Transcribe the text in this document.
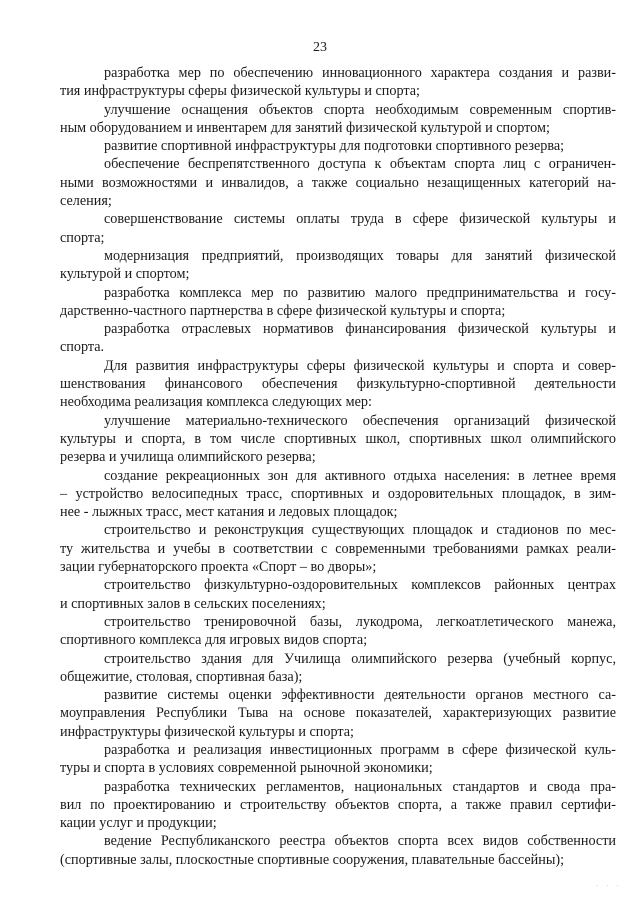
23
разработка мер по обеспечению инновационного характера создания и разви-
тия инфраструктуры сферы физической культуры и спорта;
улучшение оснащения объектов спорта необходимым современным спортив-
ным оборудованием и инвентарем для занятий физической культурой и спортом;
развитие спортивной инфраструктуры для подготовки спортивного резерва;
обеспечение беспрепятственного доступа к объектам спорта лиц с ограничен-
ными возможностями и инвалидов, а также социально незащищенных категорий на-
селения;
совершенствование системы оплаты труда в сфере физической культуры и
спорта;
модернизация предприятий, производящих товары для занятий физической
культурой и спортом;
разработка комплекса мер по развитию малого предпринимательства и госу-
дарственно-частного партнерства в сфере физической культуры и спорта;
разработка отраслевых нормативов финансирования физической культуры и
спорта.
Для развития инфраструктуры сферы физической культуры и спорта и совер-
шенствования финансового обеспечения физкультурно-спортивной деятельности
необходима реализация комплекса следующих мер:
улучшение материально-технического обеспечения организаций физической
культуры и спорта, в том числе спортивных школ, спортивных школ олимпийского
резерва и училища олимпийского резерва;
создание рекреационных зон для активного отдыха населения: в летнее время
– устройство велосипедных трасс, спортивных и оздоровительных площадок, в зим-
нее - лыжных трасс, мест катания и ледовых площадок;
строительство и реконструкция существующих площадок и стадионов по мес-
ту жительства и учебы в соответствии с современными требованиями рамках реали-
зации губернаторского проекта «Спорт – во дворы»;
строительство физкультурно-оздоровительных комплексов районных центрах
и спортивных залов в сельских поселениях;
строительство тренировочной базы, лукодрома, легкоатлетического манежа,
спортивного комплекса для игровых видов спорта;
строительство здания для Училища олимпийского резерва (учебный корпус,
общежитие, столовая, спортивная база);
развитие системы оценки эффективности деятельности органов местного са-
моуправления Республики Тыва на основе показателей, характеризующих развитие
инфраструктуры физической культуры и спорта;
разработка и реализация инвестиционных программ в сфере физической куль-
туры и спорта в условиях современной рыночной экономики;
разработка технических регламентов, национальных стандартов и свода пра-
вил по проектированию и строительству объектов спорта, а также правил сертифи-
кации услуг и продукции;
ведение Республиканского реестра объектов спорта всех видов собственности
(спортивные залы, плоскостные спортивные сооружения, плавательные бассейны);
· · ·
